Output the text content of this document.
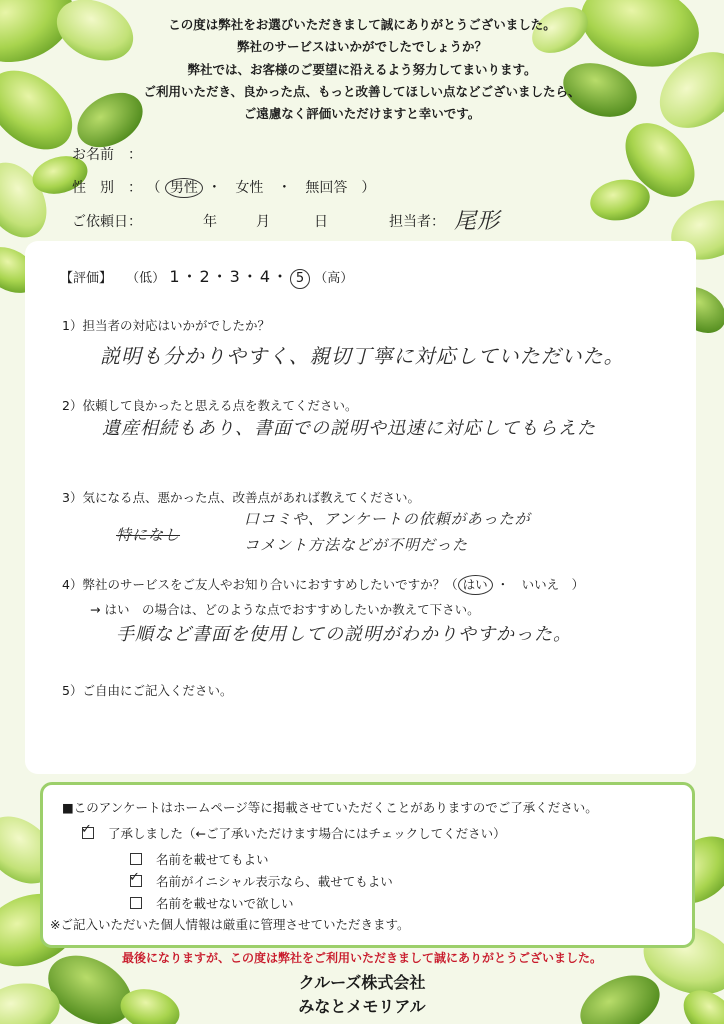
この度は弊社をお選びいただきまして誠にありがとうございました。
弊社のサービスはいかがでしたでしょうか？
弊社では、お客様のご要望に沿えるよう努力してまいります。
ご利用いただき、良かった点、もっと改善してほしい点などございましたら、
ご遠慮なく評価いただけますと幸いです。
お名前　：
性　別　： （ 男性 ・　女性　・　無回答　）
ご依頼日：	年	月	日	担当者： 尾形
【評価】 （低） 1・2・3・4・ 5 （高）
1）担当者の対応はいかがでしたか？
説明も分かりやすく、親切丁寧に対応していただいた。
2）依頼して良かったと思える点を教えてください。
遺産相続もあり、書面での説明や迅速に対応してもらえた
3）気になる点、悪かった点、改善点があれば教えてください。
特になし
口コミや、アンケートの依頼があったが
コメント方法などが不明だった
4）弊社のサービスをご友人やお知り合いにおすすめしたいですか？（ はい ・　いいえ　）
→ はい　の場合は、どのような点でおすすめしたいか教えて下さい。
手順など書面を使用しての説明がわかりやすかった。
5）ご自由にご記入ください。
■このアンケートはホームページ等に掲載させていただくことがありますのでご了承ください。
✓ 了承しました（←ご了承いただけます場合にはチェックしてください）
名前を載せてもよい
✓ 名前がイニシャル表示なら、載せてもよい
名前を載せないで欲しい
※ご記入いただいた個人情報は厳重に管理させていただきます。
最後になりますが、この度は弊社をご利用いただきまして誠にありがとうございました。
クルーズ株式会社
みなとメモリアル
